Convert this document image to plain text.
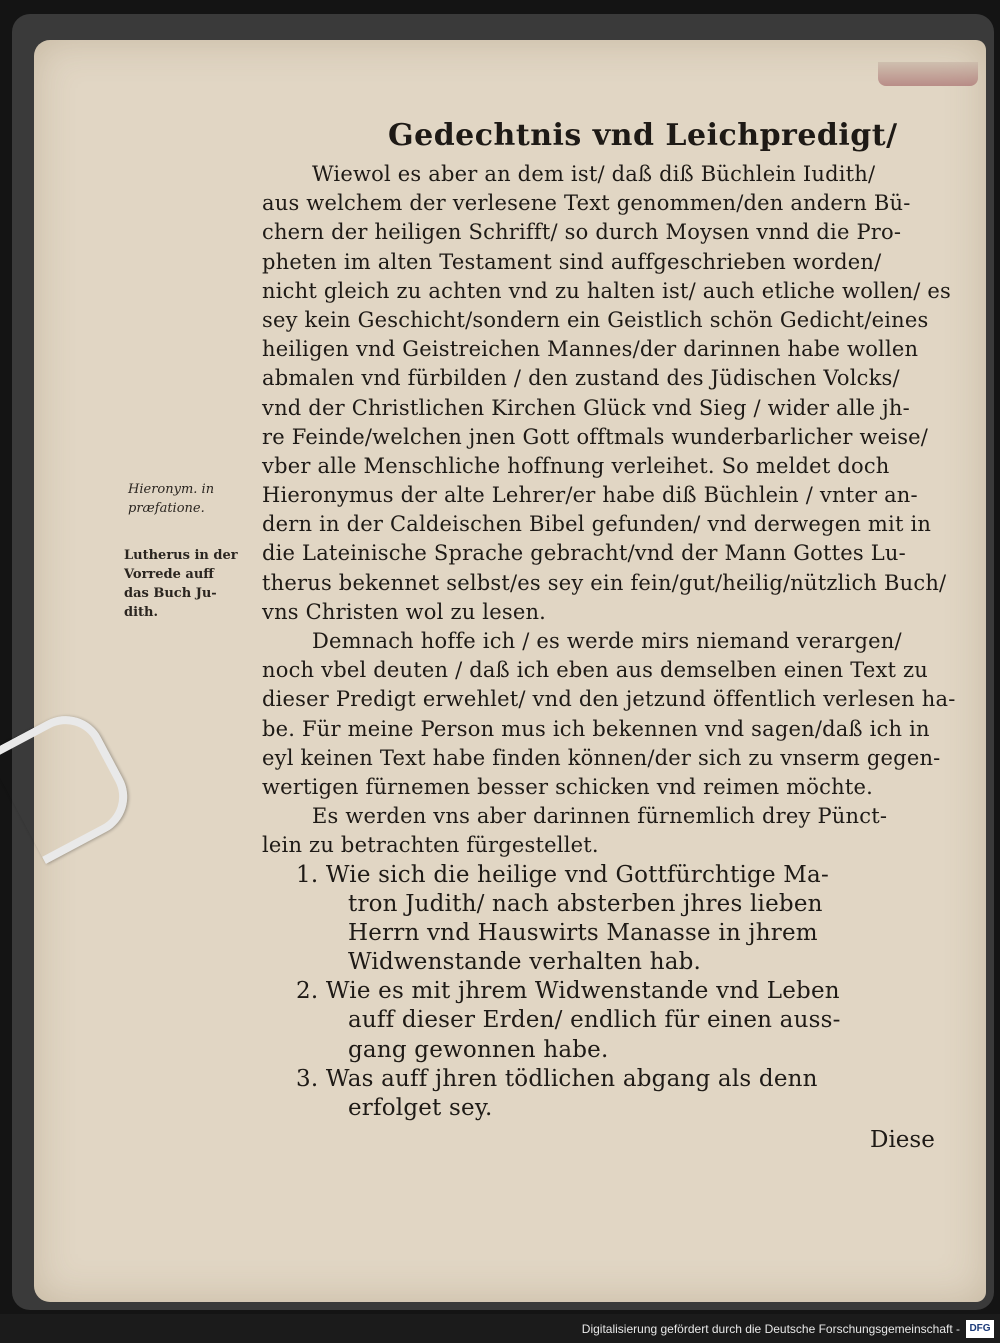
Gedechtnis vnd Leichpredigt/
Hieronym. in
præfatione.
Lutherus in der
Vorrede auff
das Buch Ju-
dith.
Wiewol es aber an dem ist/ daß diß Büchlein Iudith/
aus welchem der verlesene Text genommen/den andern Bü-
chern der heiligen Schrifft/ so durch Moysen vnnd die Pro-
pheten im alten Testament sind auffgeschrieben worden/
nicht gleich zu achten vnd zu halten ist/ auch etliche wollen/ es
sey kein Geschicht/sondern ein Geistlich schön Gedicht/eines
heiligen vnd Geistreichen Mannes/der darinnen habe wollen
abmalen vnd fürbilden / den zustand des Jüdischen Volcks/
vnd der Christlichen Kirchen Glück vnd Sieg / wider alle jh-
re Feinde/welchen jnen Gott offtmals wunderbarlicher weise/
vber alle Menschliche hoffnung verleihet. So meldet doch
Hieronymus der alte Lehrer/er habe diß Büchlein / vnter an-
dern in der Caldeischen Bibel gefunden/ vnd derwegen mit in
die Lateinische Sprache gebracht/vnd der Mann Gottes Lu-
therus bekennet selbst/es sey ein fein/gut/heilig/nützlich Buch/
vns Christen wol zu lesen.
Demnach hoffe ich / es werde mirs niemand verargen/
noch vbel deuten / daß ich eben aus demselben einen Text zu
dieser Predigt erwehlet/ vnd den jetzund öffentlich verlesen ha-
be. Für meine Person mus ich bekennen vnd sagen/daß ich in
eyl keinen Text habe finden können/der sich zu vnserm gegen-
wertigen fürnemen besser schicken vnd reimen möchte.
Es werden vns aber darinnen fürnemlich drey Pünct-
lein zu betrachten fürgestellet.
1. Wie sich die heilige vnd Gottfürchtige Ma-
tron Judith/ nach absterben jhres lieben
Herrn vnd Hauswirts Manasse in jhrem
Widwenstande verhalten hab.
2. Wie es mit jhrem Widwenstande vnd Leben
auff dieser Erden/ endlich für einen auss-
gang gewonnen habe.
3. Was auff jhren tödlichen abgang als denn
erfolget sey.
Diese
Digitalisierung gefördert durch die Deutsche Forschungsgemeinschaft - DFG
